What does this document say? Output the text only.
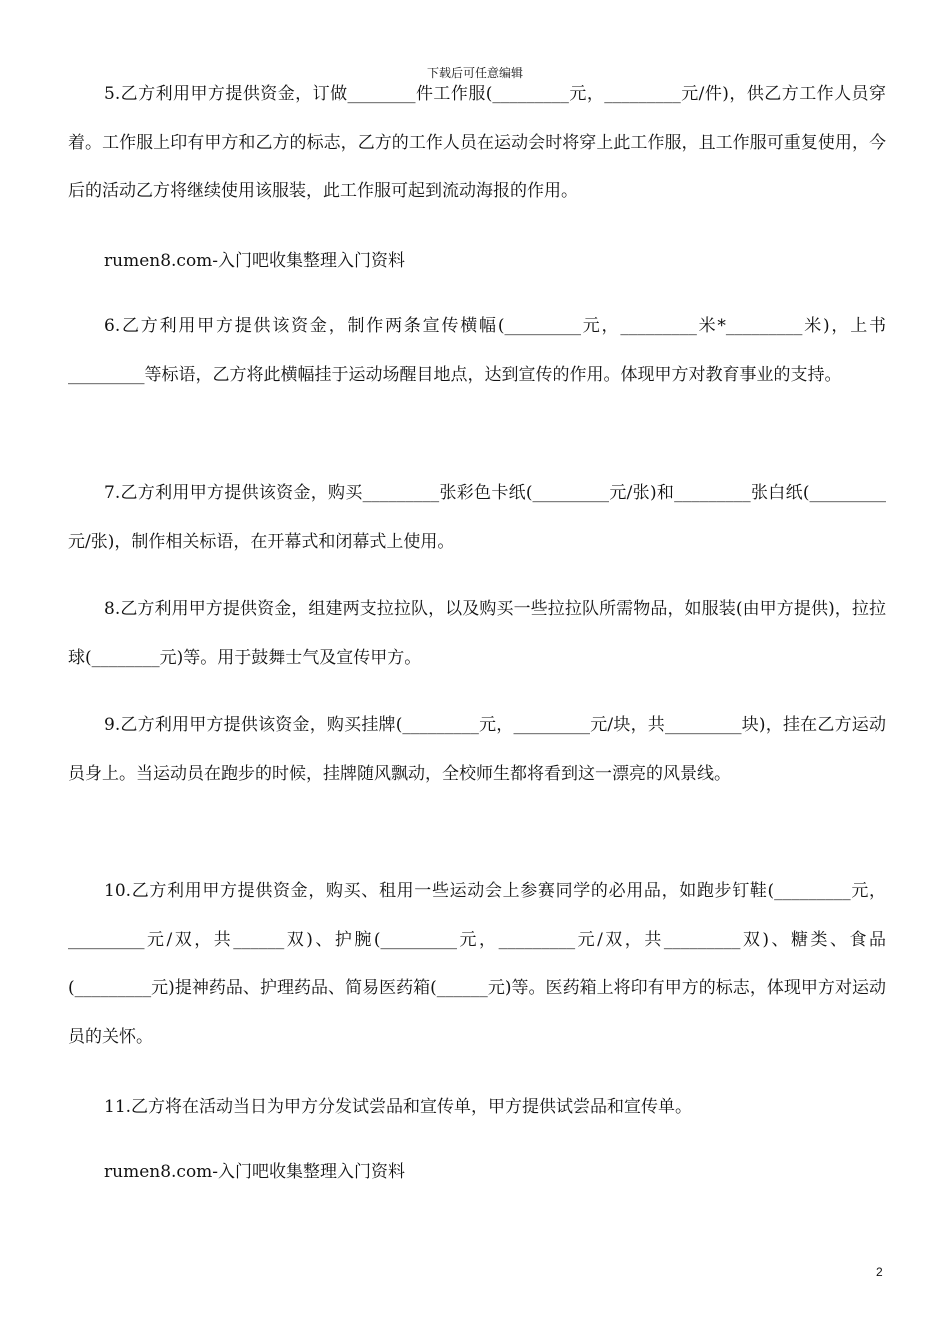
下载后可任意编辑

5.乙方利用甲方提供资金，订做________件工作服(_________元，_________元/件)，供乙方工作人员穿着。工作服上印有甲方和乙方的标志，乙方的工作人员在运动会时将穿上此工作服，且工作服可重复使用，今后的活动乙方将继续使用该服装，此工作服可起到流动海报的作用。

rumen8.com-入门吧收集整理入门资料

6.乙方利用甲方提供该资金，制作两条宣传横幅(_________元，_________米*_________米)，上书_________等标语，乙方将此横幅挂于运动场醒目地点，达到宣传的作用。体现甲方对教育事业的支持。

7.乙方利用甲方提供该资金，购买_________张彩色卡纸(_________元/张)和_________张白纸(_________元/张)，制作相关标语，在开幕式和闭幕式上使用。

8.乙方利用甲方提供资金，组建两支拉拉队，以及购买一些拉拉队所需物品，如服装(由甲方提供)，拉拉球(________元)等。用于鼓舞士气及宣传甲方。

9.乙方利用甲方提供该资金，购买挂牌(_________元，_________元/块，共_________块)，挂在乙方运动员身上。当运动员在跑步的时候，挂牌随风飘动，全校师生都将看到这一漂亮的风景线。

10.乙方利用甲方提供资金，购买、租用一些运动会上参赛同学的必用品，如跑步钉鞋(_________元，_________元/双，共______双)、护腕(_________元，_________元/双，共_________双)、糖类、食品(_________元)提神药品、护理药品、简易医药箱(______元)等。医药箱上将印有甲方的标志，体现甲方对运动员的关怀。

11.乙方将在活动当日为甲方分发试尝品和宣传单，甲方提供试尝品和宣传单。

rumen8.com-入门吧收集整理入门资料

2
